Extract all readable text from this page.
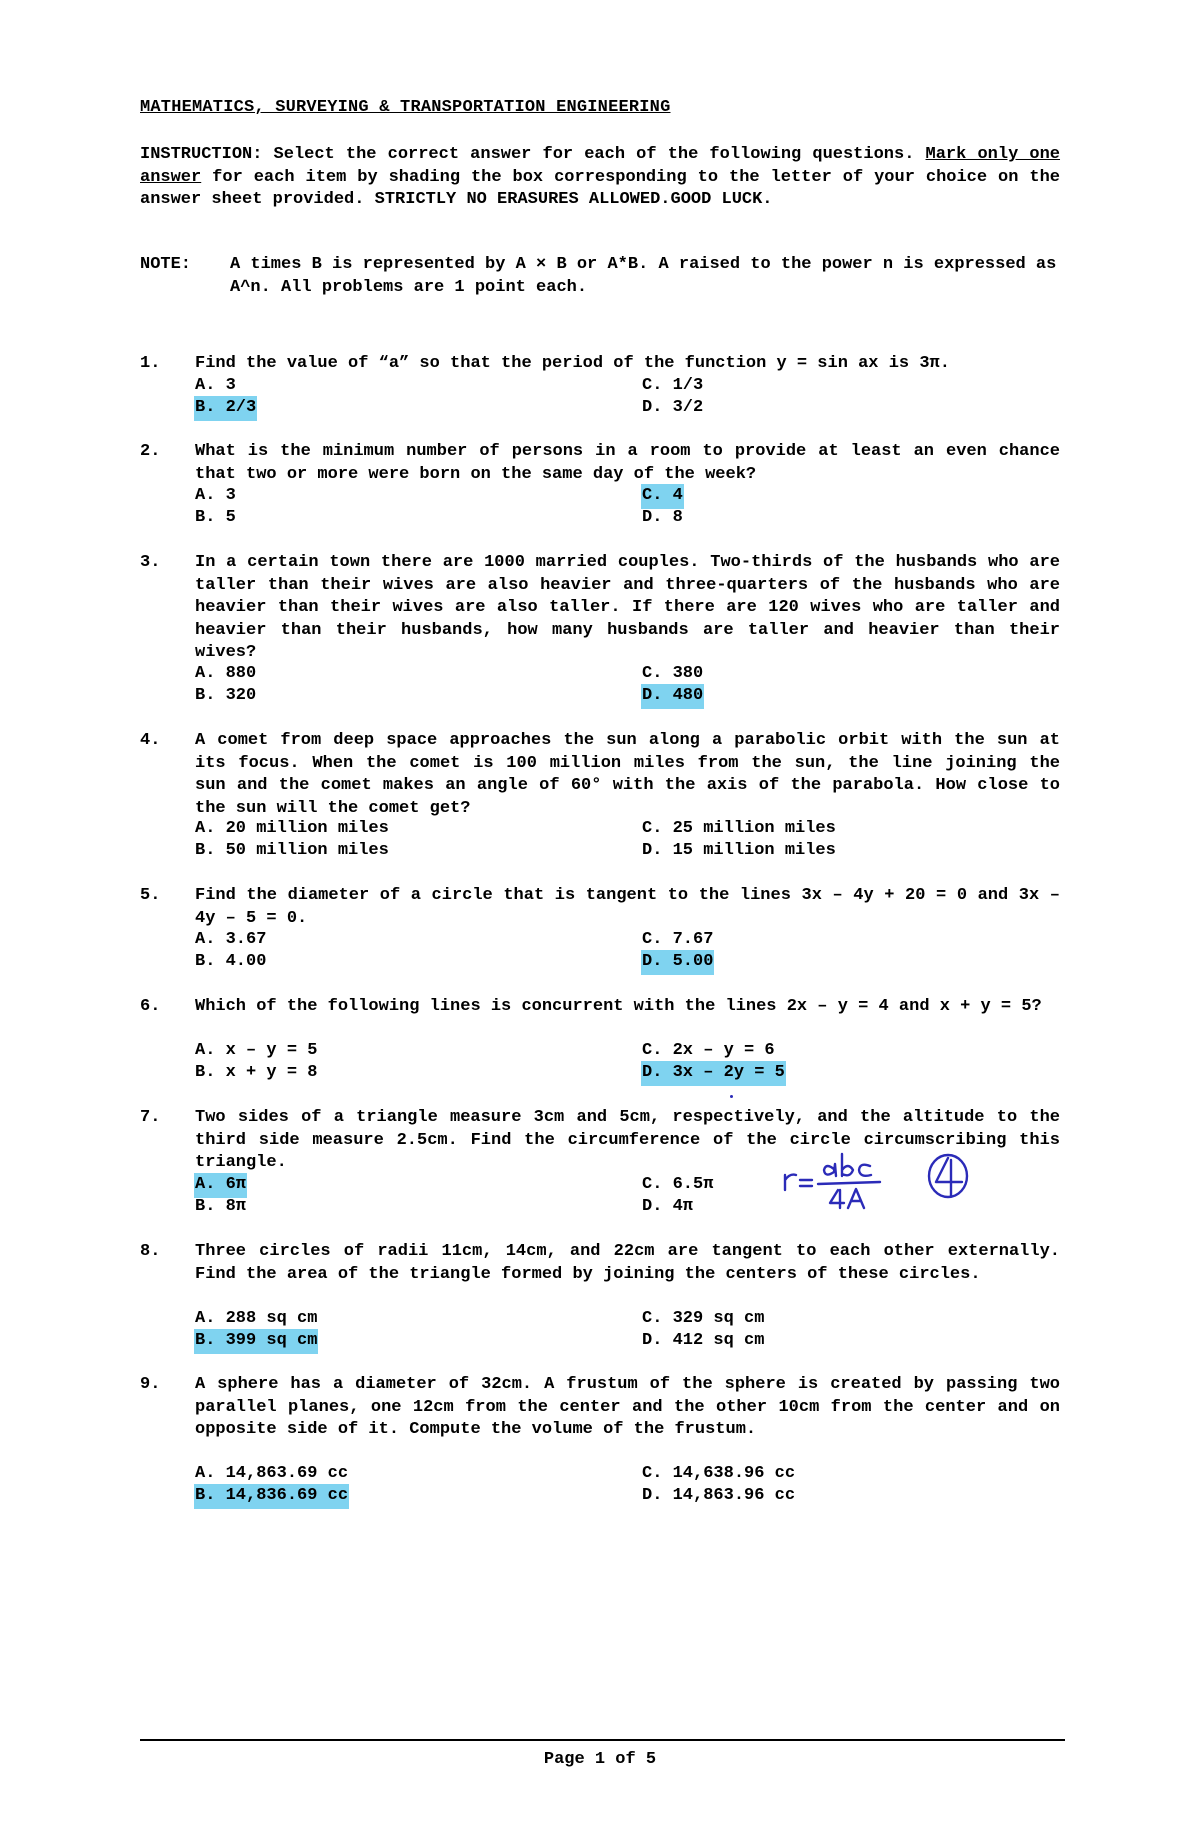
MATHEMATICS, SURVEYING & TRANSPORTATION ENGINEERING
INSTRUCTION: Select the correct answer for each of the following questions. Mark only one answer for each item by shading the box corresponding to the letter of your choice on the answer sheet provided. STRICTLY NO ERASURES ALLOWED.GOOD LUCK.
NOTE: A times B is represented by A × B or A*B. A raised to the power n is expressed as A^n. All problems are 1 point each.
1. Find the value of “a” so that the period of the function y = sin ax is 3π.
A. 3
B. 2/3
C. 1/3
D. 3/2
2. What is the minimum number of persons in a room to provide at least an even chance that two or more were born on the same day of the week?
A. 3
B. 5
C. 4
D. 8
3. In a certain town there are 1000 married couples. Two-thirds of the husbands who are taller than their wives are also heavier and three-quarters of the husbands who are heavier than their wives are also taller. If there are 120 wives who are taller and heavier than their husbands, how many husbands are taller and heavier than their wives?
A. 880
B. 320
C. 380
D. 480
4. A comet from deep space approaches the sun along a parabolic orbit with the sun at its focus. When the comet is 100 million miles from the sun, the line joining the sun and the comet makes an angle of 60° with the axis of the parabola. How close to the sun will the comet get?
A. 20 million miles
B. 50 million miles
C. 25 million miles
D. 15 million miles
5. Find the diameter of a circle that is tangent to the lines 3x – 4y + 20 = 0 and 3x – 4y – 5 = 0.
A. 3.67
B. 4.00
C. 7.67
D. 5.00
6. Which of the following lines is concurrent with the lines 2x – y = 4 and x + y = 5?
A. x – y = 5
B. x + y = 8
C. 2x – y = 6
D. 3x – 2y = 5
7. Two sides of a triangle measure 3cm and 5cm, respectively, and the altitude to the third side measure 2.5cm. Find the circumference of the circle circumscribing this triangle.
A. 6π
B. 8π
C. 6.5π
D. 4π
8. Three circles of radii 11cm, 14cm, and 22cm are tangent to each other externally. Find the area of the triangle formed by joining the centers of these circles.
A. 288 sq cm
B. 399 sq cm
C. 329 sq cm
D. 412 sq cm
9. A sphere has a diameter of 32cm. A frustum of the sphere is created by passing two parallel planes, one 12cm from the center and the other 10cm from the center and on opposite side of it. Compute the volume of the frustum.
A. 14,863.69 cc
B. 14,836.69 cc
C. 14,638.96 cc
D. 14,863.96 cc
Page 1 of 5
